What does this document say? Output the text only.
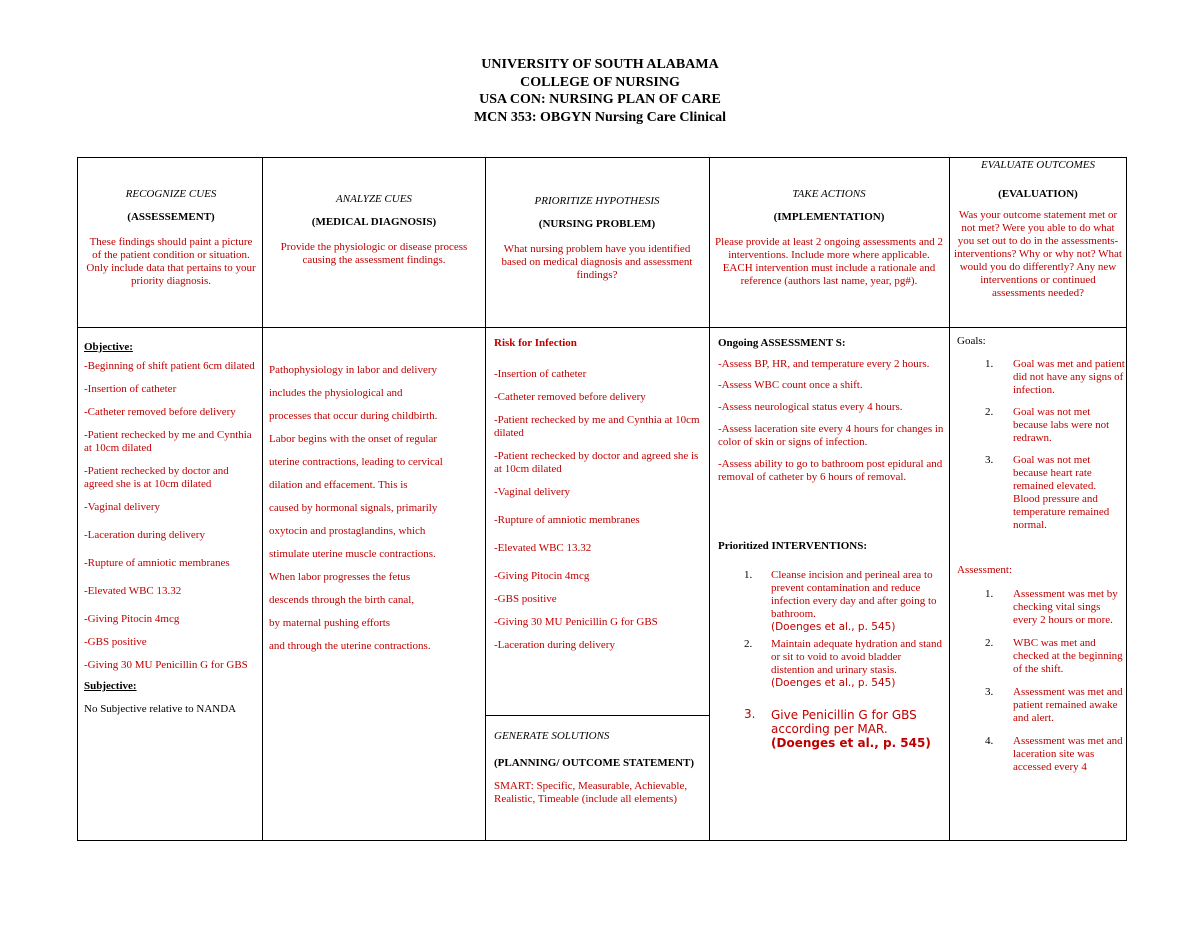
UNIVERSITY OF SOUTH ALABAMA
COLLEGE OF NURSING
USA CON: NURSING PLAN OF CARE
MCN 353: OBGYN Nursing Care Clinical
RECOGNIZE CUES
(ASSESSEMENT)
These findings should paint a picture of the patient condition or situation. Only include data that pertains to your priority diagnosis.
ANALYZE CUES
(MEDICAL DIAGNOSIS)
Provide the physiologic or disease process causing the assessment findings.
PRIORITIZE HYPOTHESIS
(NURSING PROBLEM)
What nursing problem have you identified based on medical diagnosis and assessment findings?
TAKE ACTIONS
(IMPLEMENTATION)
Please provide at least 2 ongoing assessments and 2 interventions. Include more where applicable. EACH intervention must include a rationale and reference (authors last name, year, pg#).
EVALUATE OUTCOMES
(EVALUATION)
Was your outcome statement met or not met? Were you able to do what you set out to do in the assessments-interventions? Why or why not? What would you do differently? Any new interventions or continued assessments needed?
Objective:
-Beginning of shift patient 6cm dilated
-Insertion of catheter
-Catheter removed before delivery
-Patient rechecked by me and Cynthia at 10cm dilated
-Patient rechecked by doctor and agreed she is at 10cm dilated
-Vaginal delivery
-Laceration during delivery
-Rupture of amniotic membranes
-Elevated WBC 13.32
-Giving Pitocin 4mcg
-GBS positive
-Giving 30 MU Penicillin G for GBS
Subjective:
No Subjective relative to NANDA
Pathophysiology in labor and delivery
includes the physiological and
processes that occur during childbirth.
Labor begins with the onset of regular
uterine contractions, leading to cervical
dilation and effacement. This is
caused by hormonal signals, primarily
oxytocin and prostaglandins, which
stimulate uterine muscle contractions.
When labor progresses the fetus
descends through the birth canal,
by maternal pushing efforts
and through the uterine contractions.
Risk for Infection
-Insertion of catheter
-Catheter removed before delivery
-Patient rechecked by me and Cynthia at 10cm dilated
-Patient rechecked by doctor and agreed she is at 10cm dilated
-Vaginal delivery
-Rupture of amniotic membranes
-Elevated WBC 13.32
-Giving Pitocin 4mcg
-GBS positive
-Giving 30 MU Penicillin G for GBS
-Laceration during delivery
GENERATE SOLUTIONS
(PLANNING/ OUTCOME STATEMENT)
SMART: Specific, Measurable, Achievable, Realistic, Timeable (include all elements)
Ongoing ASSESSMENT S:
-Assess BP, HR, and temperature every 2 hours.
-Assess WBC count once a shift.
-Assess neurological status every 4 hours.
-Assess laceration site every 4 hours for changes in color of skin or signs of infection.
-Assess ability to go to bathroom post epidural and removal of catheter by 6 hours of removal.
Prioritized INTERVENTIONS:
1. Cleanse incision and perineal area to prevent contamination and reduce infection every day and after going to bathroom.
(Doenges et al., p. 545)
2. Maintain adequate hydration and stand or sit to void to avoid bladder distention and urinary stasis. (Doenges et al., p. 545)
3. Give Penicillin G for GBS according per MAR.
(Doenges et al., p. 545)
Goals:
1. Goal was met and patient did not have any signs of infection.
2. Goal was not met because labs were not redrawn.
3. Goal was not met because heart rate remained elevated. Blood pressure and temperature remained normal.
Assessment:
1. Assessment was met by checking vital sings every 2 hours or more.
2. WBC was met and checked at the beginning of the shift.
3. Assessment was met and patient remained awake and alert.
4. Assessment was met and laceration site was accessed every 4
